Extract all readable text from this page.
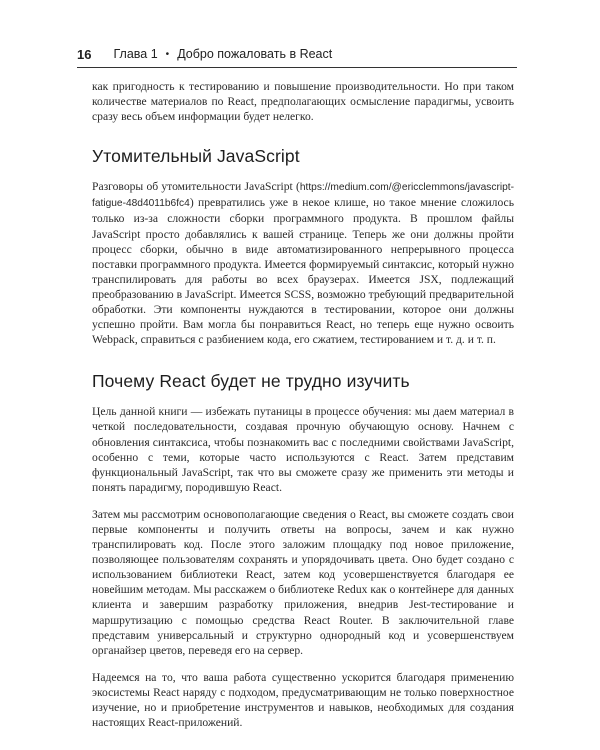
16 Глава 1 • Добро пожаловать в React

как пригодность к тестированию и повышение производительности. Но при таком количестве материалов по React, предполагающих осмысление парадигмы, усвоить сразу весь объем информации будет нелегко.

Утомительный JavaScript

Разговоры об утомительности JavaScript (https://medium.com/@ericclemmons/javascript-fatigue-48d4011b6fc4) превратились уже в некое клише, но такое мнение сложилось только из-за сложности сборки программного продукта. В прошлом файлы JavaScript просто добавлялись к вашей странице. Теперь же они должны пройти процесс сборки, обычно в виде автоматизированного непрерывного процесса поставки программного продукта. Имеется формируемый синтаксис, который нужно транспилировать для работы во всех браузерах. Имеется JSX, подлежащий преобразованию в JavaScript. Имеется SCSS, возможно требующий предварительной обработки. Эти компоненты нуждаются в тестировании, которое они должны успешно пройти. Вам могла бы понравиться React, но теперь еще нужно освоить Webpack, справиться с разбиением кода, его сжатием, тестированием и т. д. и т. п.

Почему React будет не трудно изучить

Цель данной книги — избежать путаницы в процессе обучения: мы даем материал в четкой последовательности, создавая прочную обучающую основу. Начнем с обновления синтаксиса, чтобы познакомить вас с последними свойствами JavaScript, особенно с теми, которые часто используются с React. Затем представим функциональный JavaScript, так что вы сможете сразу же применить эти методы и понять парадигму, породившую React.

Затем мы рассмотрим основополагающие сведения о React, вы сможете создать свои первые компоненты и получить ответы на вопросы, зачем и как нужно транспилировать код. После этого заложим площадку под новое приложение, позволяющее пользователям сохранять и упорядочивать цвета. Оно будет создано с использованием библиотеки React, затем код усовершенствуется благодаря ее новейшим методам. Мы расскажем о библиотеке Redux как о контейнере для данных клиента и завершим разработку приложения, внедрив Jest-тестирование и маршрутизацию с помощью средства React Router. В заключительной главе представим универсальный и структурно однородный код и усовершенствуем органайзер цветов, переведя его на сервер.

Надеемся на то, что ваша работа существенно ускорится благодаря применению экосистемы React наряду с подходом, предусматривающим не только поверхностное изучение, но и приобретение инструментов и навыков, необходимых для создания настоящих React-приложений.
